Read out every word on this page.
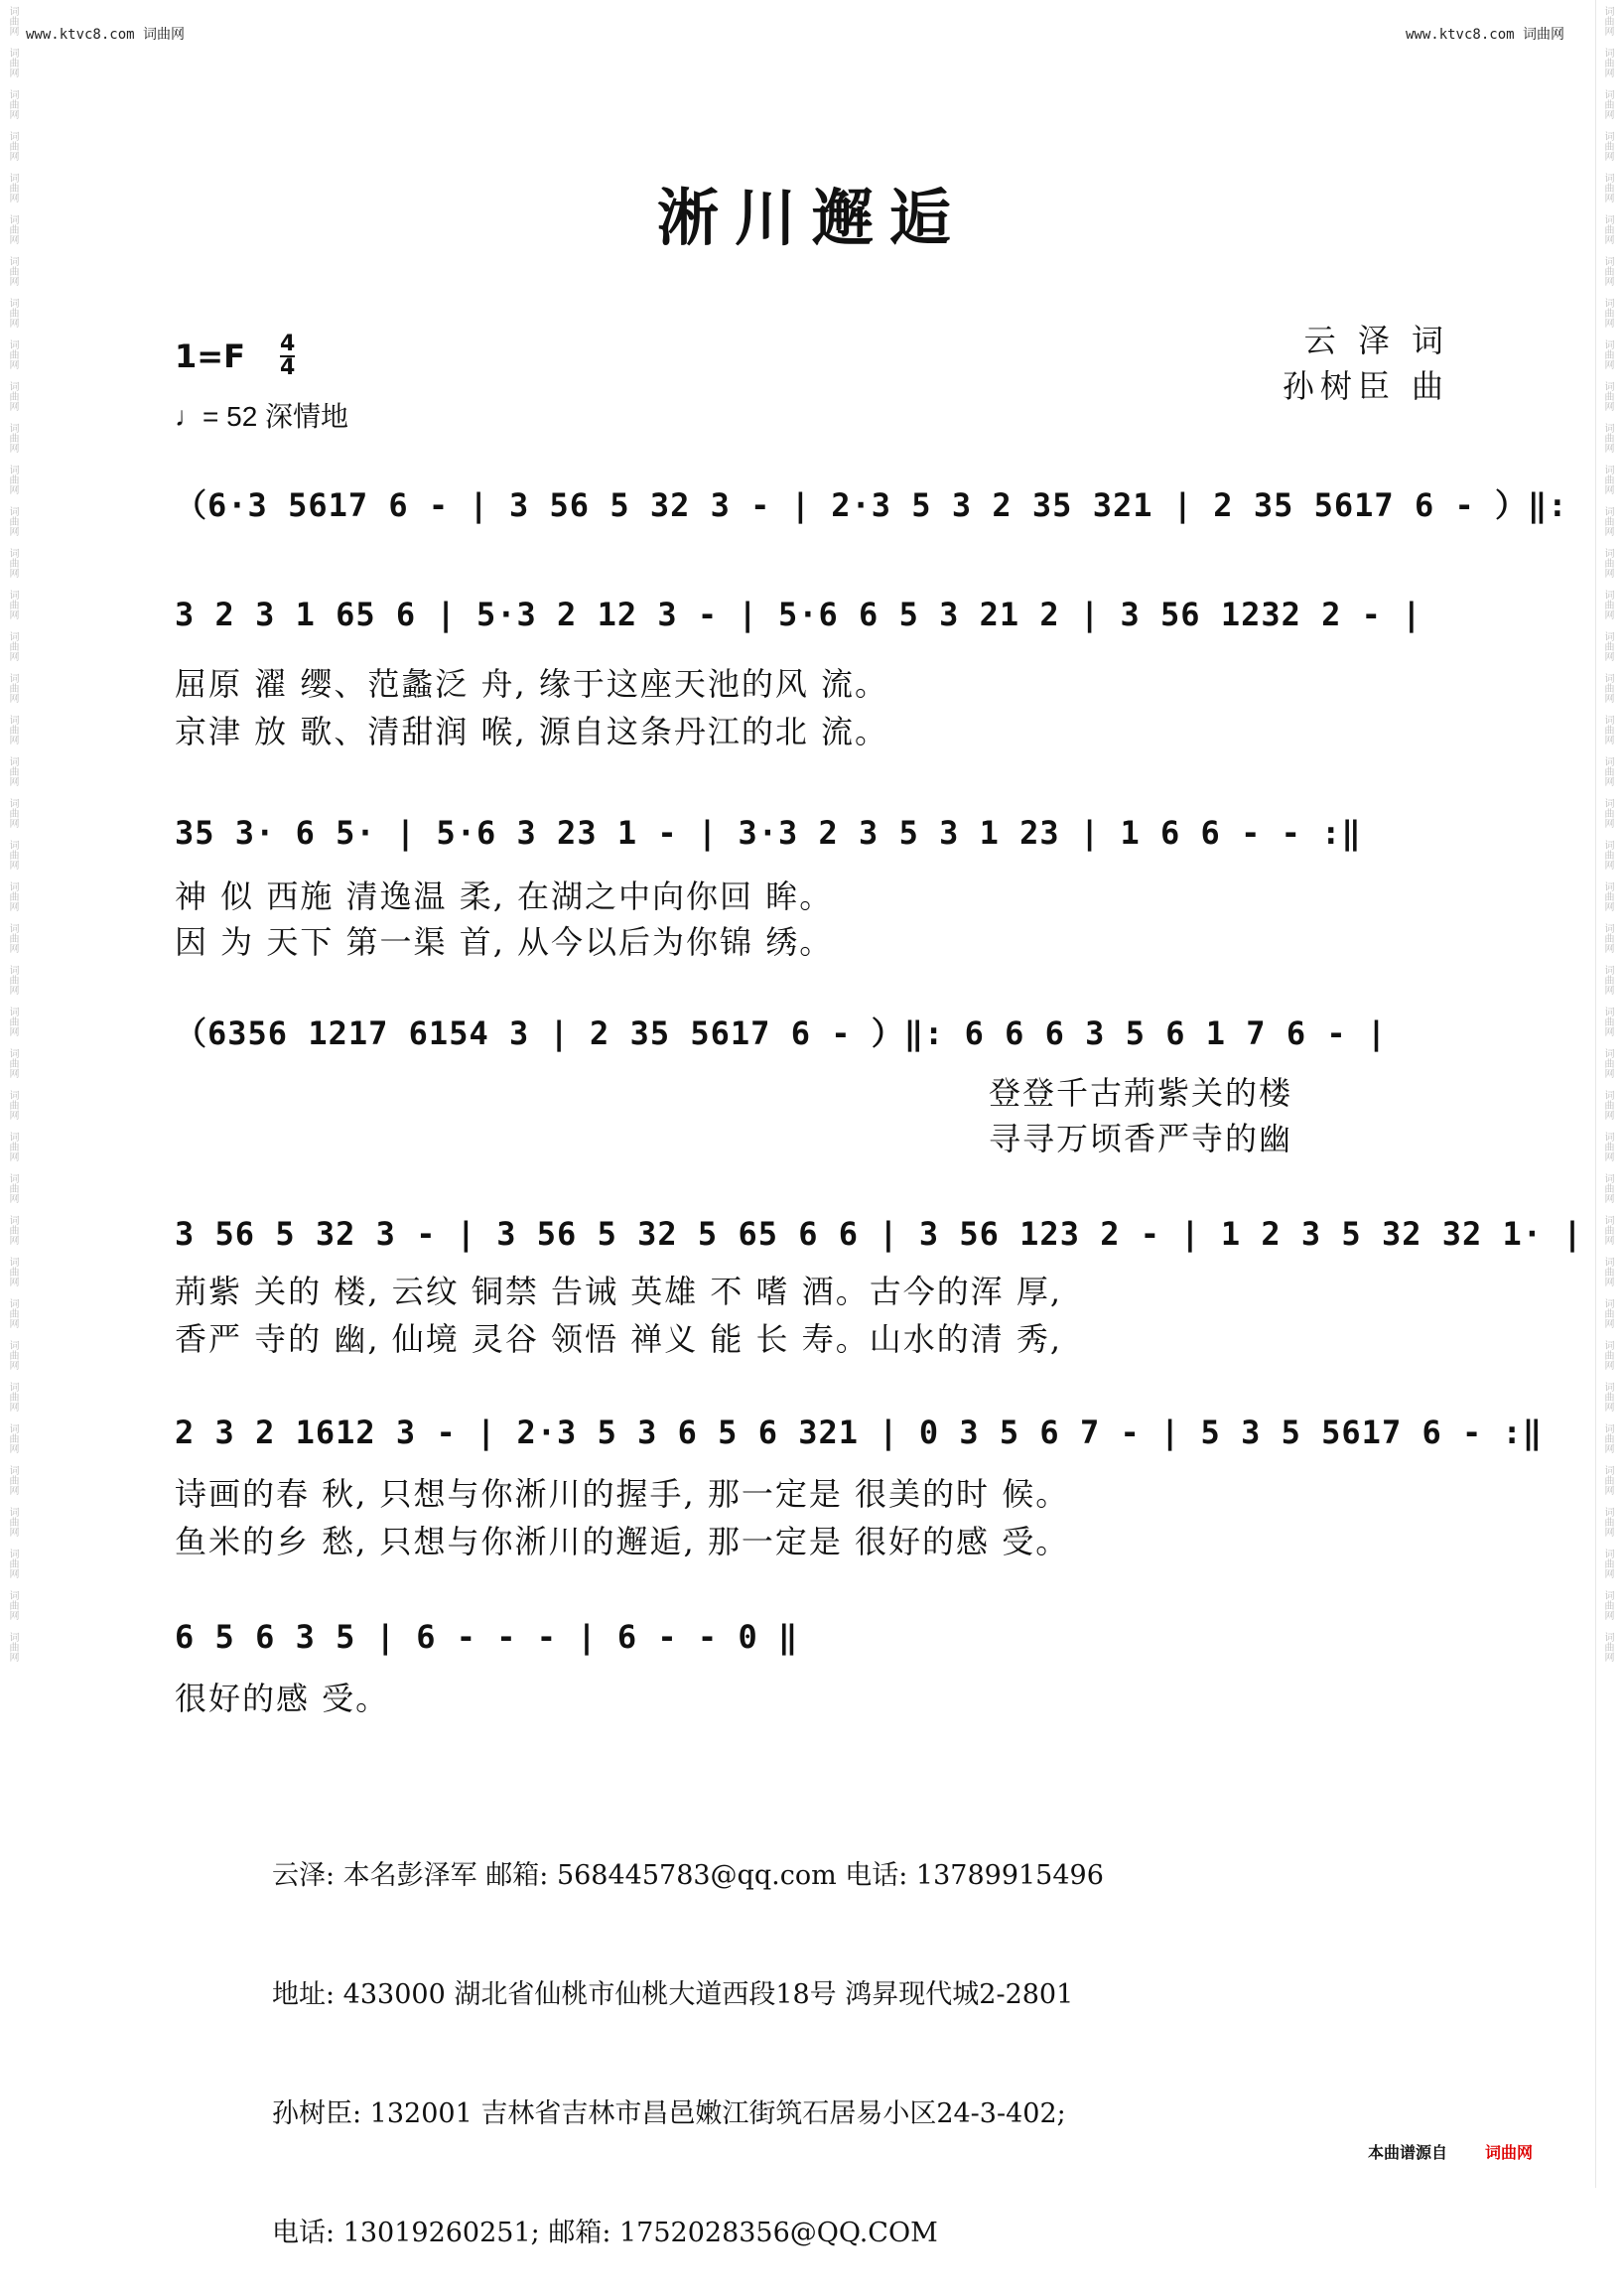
词曲网
词曲网
词曲网
词曲网
词曲网
词曲网
词曲网
词曲网
词曲网
词曲网
词曲网
词曲网
词曲网
词曲网
词曲网
词曲网
词曲网
词曲网
词曲网
词曲网
词曲网
词曲网
词曲网
词曲网
词曲网
词曲网
词曲网
词曲网
词曲网
词曲网
词曲网
词曲网
词曲网
词曲网
词曲网
词曲网
词曲网
词曲网
词曲网
词曲网
词曲网
词曲网
词曲网
词曲网
词曲网
词曲网
词曲网
词曲网
词曲网
词曲网
词曲网
词曲网
词曲网
词曲网
词曲网
词曲网
词曲网
词曲网
词曲网
词曲网
词曲网
词曲网
词曲网
词曲网
词曲网
词曲网
词曲网
词曲网
词曲网
词曲网
词曲网
词曲网
词曲网
词曲网
词曲网
词曲网
词曲网
词曲网
词曲网
词曲网
www.ktvc8.com 词曲网	www.ktvc8.com 词曲网
淅川邂逅
$1=F \frac{4}{4}$
♩= 52 深情地
云 泽 词
孙树臣 曲
（6·3 5617 6 - | 3 56 5 32 3 - | 2·3 5 3 2 35 321 | 2 35 5617 6 - ）‖:
3 2 3 1 65 6 | 5·3 2 12 3 - | 5·6 6 5 3 21 2 | 3 56 1232 2 - |
屈原 濯 缨、范蠡泛 舟, 缘于这座天池的风 流。
京津 放 歌、清甜润 喉, 源自这条丹江的北 流。
35 3· 6 5· | 5·6 3 23 1 - | 3·3 2 3 5 3 1 23 | 1 6 6 - - :‖
神 似 西施 清逸温 柔, 在湖之中向你回 眸。
因 为 天下 第一渠 首, 从今以后为你锦 绣。
（6356 1217 6154 3 | 2 35 5617 6 - ）‖: 6 6 6 3 5 6 1 7 6 - |
登登千古荊紫关的楼
寻寻万顷香严寺的幽
3 56 5 32 3 - | 3 56 5 32 5 65 6 6 | 3 56 123 2 - | 1 2 3 5 32 32 1· |
荊紫 关的 楼, 云纹 铜禁 告诫 英雄 不 嗜 酒。古今的浑 厚,
香严 寺的 幽, 仙境 灵谷 领悟 禅义 能 长 寿。山水的清 秀,
2 3 2 1612 3 - | 2·3 5 3 6 5 6 321 | 0 3 5 6 7 - | 5 3 5 5617 6 - :‖
诗画的春 秋, 只想与你淅川的握手, 那一定是 很美的时 候。
鱼米的乡 愁, 只想与你淅川的邂逅, 那一定是 很好的感 受。
6 5 6 3 5 | 6 - - - | 6 - - 0 ‖
很好的感 受。

云泽: 本名彭泽军 邮箱: 568445783@qq.com 电话: 13789915496

地址: 433000 湖北省仙桃市仙桃大道西段18号 鸿昇现代城2-2801

孙树臣: 132001 吉林省吉林市昌邑嫩江街筑石居易小区24-3-402;

电话: 13019260251; 邮箱: 1752028356@QQ.COM

本曲谱源自 词曲网
